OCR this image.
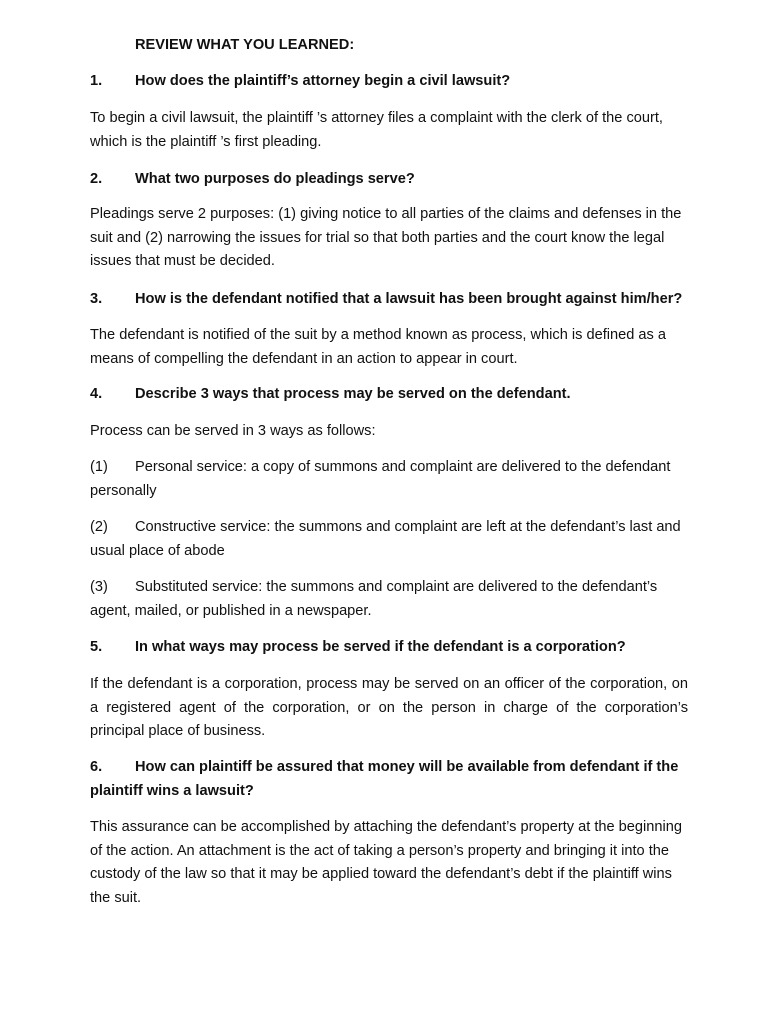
REVIEW WHAT YOU LEARNED:
1. How does the plaintiff’s attorney begin a civil lawsuit?

To begin a civil lawsuit, the plaintiff ’s attorney files a complaint with the clerk of the court, which is the plaintiff ’s first pleading.

2. What two purposes do pleadings serve?

Pleadings serve 2 purposes: (1) giving notice to all parties of the claims and defenses in the suit and (2) narrowing the issues for trial so that both parties and the court know the legal issues that must be decided.

3. How is the defendant notified that a lawsuit has been brought against him/her?

The defendant is notified of the suit by a method known as process, which is defined as a means of compelling the defendant in an action to appear in court.

4. Describe 3 ways that process may be served on the defendant.

Process can be served in 3 ways as follows:

(1) Personal service: a copy of summons and complaint are delivered to the defendant personally

(2) Constructive service: the summons and complaint are left at the defendant’s last and usual place of abode

(3) Substituted service: the summons and complaint are delivered to the defendant’s agent, mailed, or published in a newspaper.

5. In what ways may process be served if the defendant is a corporation?

If the defendant is a corporation, process may be served on an officer of the corporation, on a registered agent of the corporation, or on the person in charge of the corporation’s principal place of business.

6. How can plaintiff be assured that money will be available from defendant if the plaintiff wins a lawsuit?

This assurance can be accomplished by attaching the defendant’s property at the beginning of the action. An attachment is the act of taking a person’s property and bringing it into the custody of the law so that it may be applied toward the defendant’s debt if the plaintiff wins the suit.
